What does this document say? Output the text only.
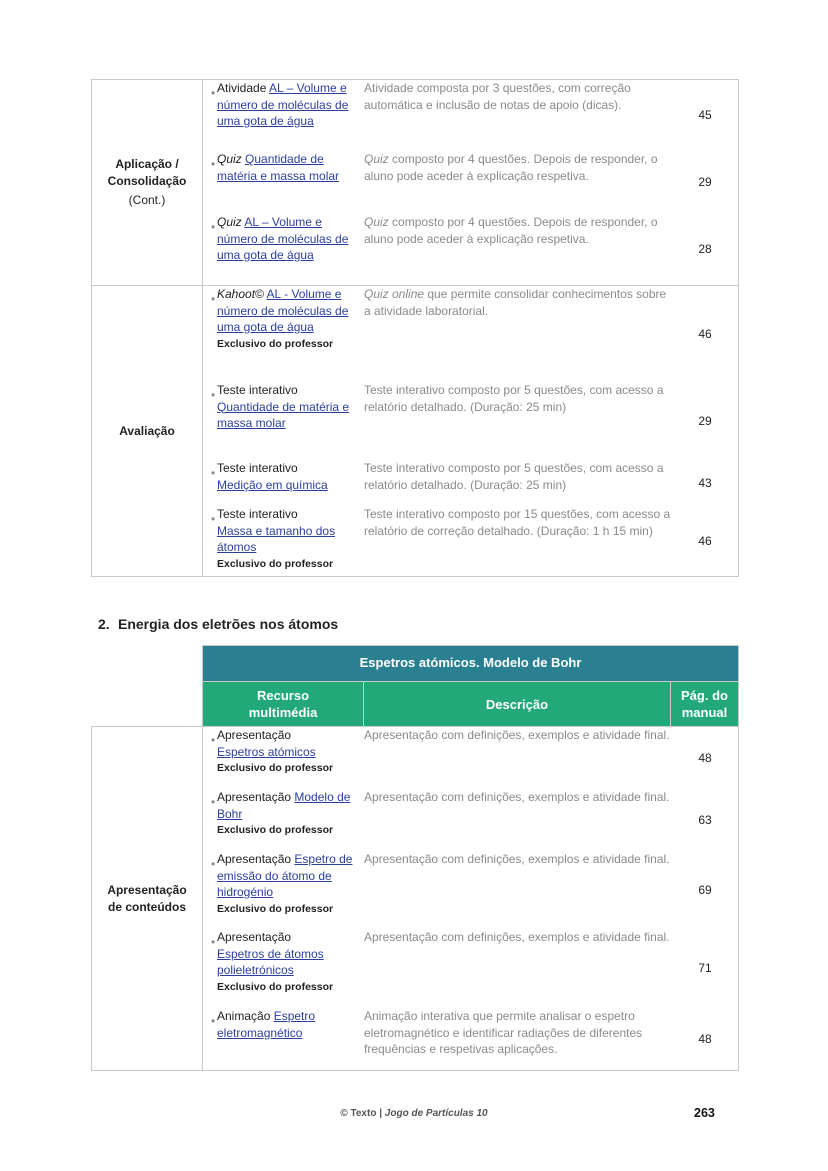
Aplicação / Consolidação
(Cont.)

• Atividade AL – Volume e número de moléculas de uma gota de água
	Atividade composta por 3 questões, com correção automática e inclusão de notas de apoio (dicas).	45

• Quiz Quantidade de matéria e massa molar
	Quiz composto por 4 questões. Depois de responder, o aluno pode aceder à explicação respetiva.	29

• Quiz AL – Volume e número de moléculas de uma gota de água
	Quiz composto por 4 questões. Depois de responder, o aluno pode aceder à explicação respetiva.	28

Avaliação	
• Kahoot© AL - Volume e número de moléculas de uma gota de água
Exclusivo do professor
	Quiz online que permite consolidar conhecimentos sobre a atividade laboratorial.	46

• Teste interativo
Quantidade de matéria e massa molar
	Teste interativo composto por 5 questões, com acesso a relatório detalhado. (Duração: 25 min)	29

• Teste interativo
Medição em química
	Teste interativo composto por 5 questões, com acesso a relatório detalhado. (Duração: 25 min)	43

• Teste interativo
Massa e tamanho dos átomos
Exclusivo do professor
	Teste interativo composto por 15 questões, com acesso a relatório de correção detalhado. (Duração: 1 h 15 min)	46
2. Energia dos eletrões nos átomos
	Espetros atómicos. Modelo de Bohr
	Recurso multimédia	Descrição	Pág. do manual
Apresentação de conteúdos	
• Apresentação
Espetros atómicos
Exclusivo do professor
	Apresentação com definições, exemplos e atividade final.	48

• Apresentação Modelo de Bohr
Exclusivo do professor
	Apresentação com definições, exemplos e atividade final.	63

• Apresentação Espetro de emissão do átomo de hidrogénio
Exclusivo do professor
	Apresentação com definições, exemplos e atividade final.	69

• Apresentação
Espetros de átomos polieletrónicos
Exclusivo do professor
	Apresentação com definições, exemplos e atividade final.	71

• Animação Espetro eletromagnético
	Animação interativa que permite analisar o espetro eletromagnético e identificar radiações de diferentes frequências e respetivas aplicações.	48
© Texto | Jogo de Partículas 10	263
